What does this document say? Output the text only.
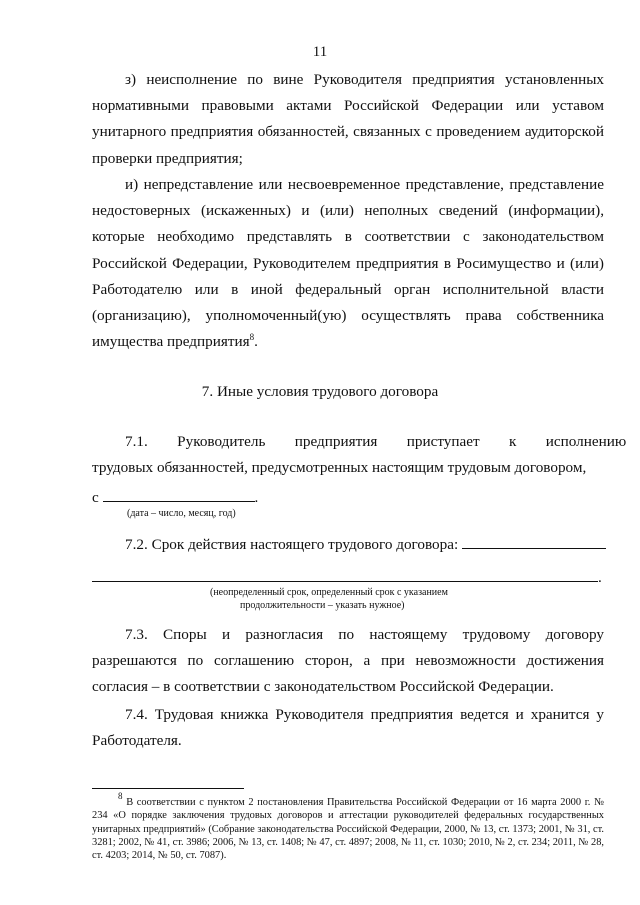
11
з) неисполнение по вине Руководителя предприятия установленных нормативными правовыми актами Российской Федерации или уставом унитарного предприятия обязанностей, связанных с проведением аудиторской проверки предприятия;
и) непредставление или несвоевременное представление, представление недостоверных (искаженных) и (или) неполных сведений (информации), которые необходимо представлять в соответствии с законодательством Российской Федерации, Руководителем предприятия в Росимущество и (или) Работодателю или в иной федеральный орган исполнительной власти (организацию), уполномоченный(ую) осуществлять права собственника имущества предприятия$^8$.
7. Иные условия трудового договора
7.1.   Руководитель   предприятия   приступает   к   исполнению
трудовых обязанностей, предусмотренных настоящим трудовым договором,
с	.
(дата – число, месяц, год)
7.2. Срок действия настоящего трудового договора:
.
(неопределенный срок, определенный срок с указанием
продолжительности – указать нужное)
7.3. Споры и разногласия по настоящему трудовому договору разрешаются по соглашению сторон, а при невозможности достижения согласия – в соответствии с законодательством Российской Федерации.
7.4. Трудовая книжка Руководителя предприятия ведется и хранится у Работодателя.
$^8$ В соответствии с пунктом 2 постановления Правительства Российской Федерации от 16 марта 2000 г. № 234 «О порядке заключения трудовых договоров и аттестации руководителей федеральных государственных унитарных предприятий» (Собрание законодательства Российской Федерации, 2000, № 13, ст. 1373; 2001, № 31, ст. 3281; 2002, № 41, ст. 3986; 2006, № 13, ст. 1408; № 47, ст. 4897; 2008, № 11, ст. 1030; 2010, № 2, ст. 234; 2011, № 28, ст. 4203; 2014, № 50, ст. 7087).
